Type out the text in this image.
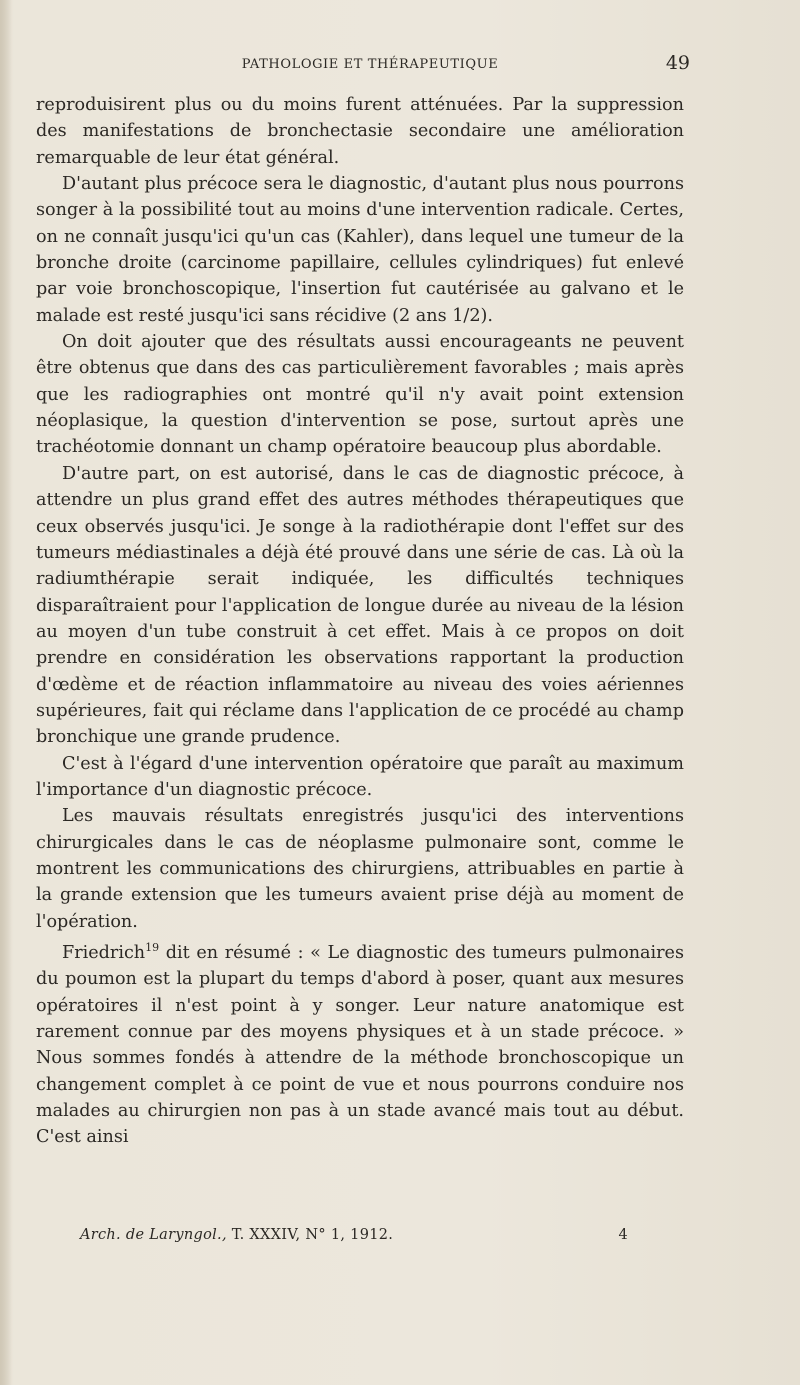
PATHOLOGIE ET THÉRAPEUTIQUE	49

reproduisirent plus ou du moins furent atténuées. Par la suppression des manifestations de bronchectasie secondaire une amélioration remarquable de leur état général.

D'autant plus précoce sera le diagnostic, d'autant plus nous pourrons songer à la possibilité tout au moins d'une intervention radicale. Certes, on ne connaît jusqu'ici qu'un cas (Kahler), dans lequel une tumeur de la bronche droite (carcinome papillaire, cellules cylindriques) fut enlevé par voie bronchoscopique, l'insertion fut cautérisée au galvano et le malade est resté jusqu'ici sans récidive (2 ans 1/2).

On doit ajouter que des résultats aussi encourageants ne peuvent être obtenus que dans des cas particulièrement favorables ; mais après que les radiographies ont montré qu'il n'y avait point extension néoplasique, la question d'intervention se pose, surtout après une trachéotomie donnant un champ opératoire beaucoup plus abordable.

D'autre part, on est autorisé, dans le cas de diagnostic précoce, à attendre un plus grand effet des autres méthodes thérapeutiques que ceux observés jusqu'ici. Je songe à la radiothérapie dont l'effet sur des tumeurs médiastinales a déjà été prouvé dans une série de cas. Là où la radiumthérapie serait indiquée, les difficultés techniques disparaîtraient pour l'application de longue durée au niveau de la lésion au moyen d'un tube construit à cet effet. Mais à ce propos on doit prendre en considération les observations rapportant la production d'œdème et de réaction inflammatoire au niveau des voies aériennes supérieures, fait qui réclame dans l'application de ce procédé au champ bronchique une grande prudence.

C'est à l'égard d'une intervention opératoire que paraît au maximum l'importance d'un diagnostic précoce.

Les mauvais résultats enregistrés jusqu'ici des interventions chirurgicales dans le cas de néoplasme pulmonaire sont, comme le montrent les communications des chirurgiens, attribuables en partie à la grande extension que les tumeurs avaient prise déjà au moment de l'opération.

Friedrich$^{19}$ dit en résumé : « Le diagnostic des tumeurs pulmonaires du poumon est la plupart du temps d'abord à poser, quant aux mesures opératoires il n'est point à y songer. Leur nature anatomique est rarement connue par des moyens physiques et à un stade précoce. » Nous sommes fondés à attendre de la méthode bronchoscopique un changement complet à ce point de vue et nous pourrons conduire nos malades au chirurgien non pas à un stade avancé mais tout au début. C'est ainsi

Arch. de Laryngol., T. XXXIV, N° 1, 1912.	4
